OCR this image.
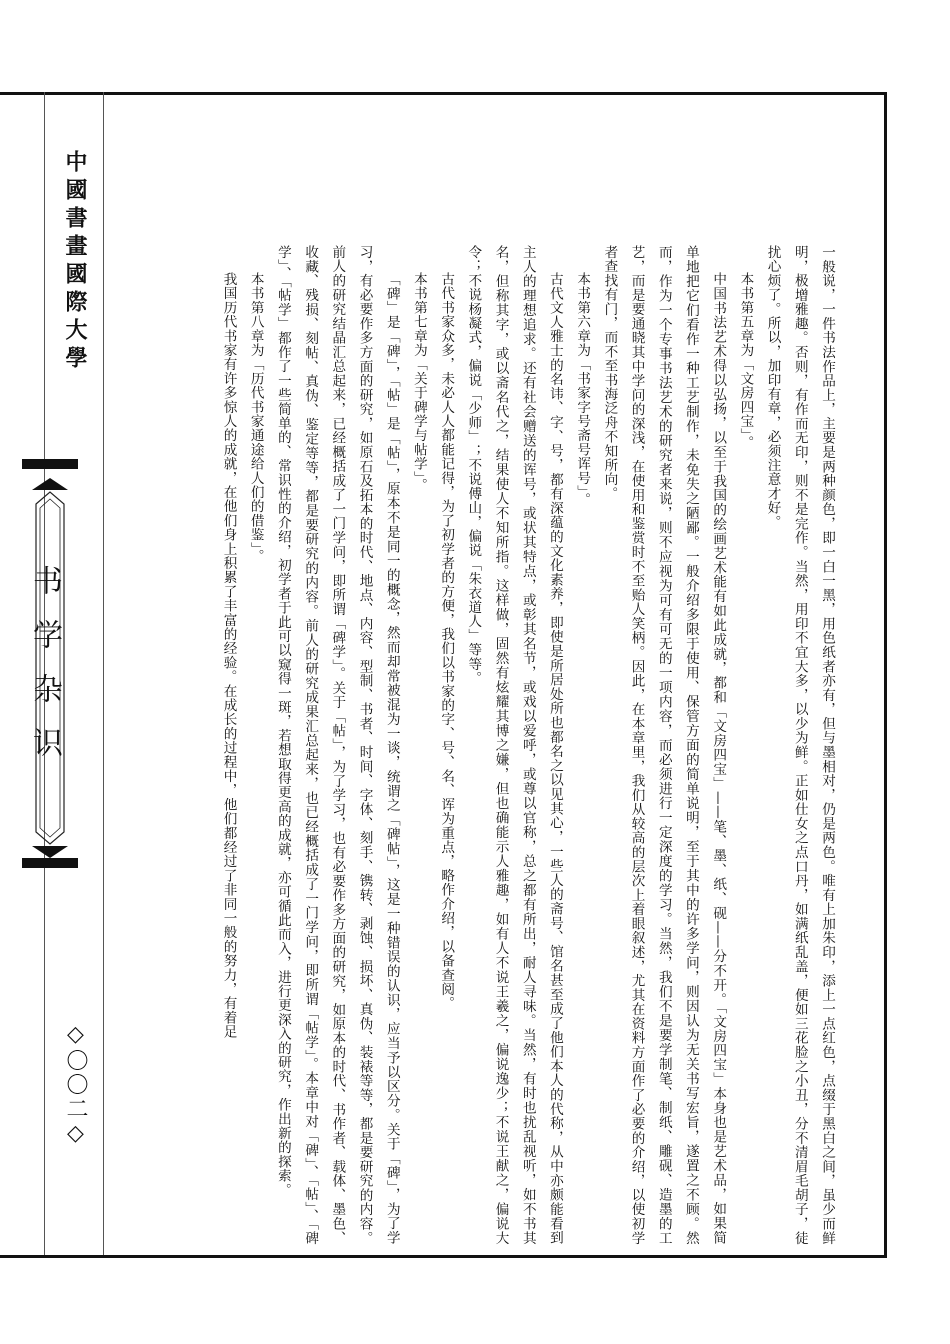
中國書畫國際大學
书学杂识
◇〇〇二◇	一般说，一件书法作品上，主要是两种颜色，即一白一黑，用色纸者亦有，但与墨相对，仍是两色。唯有上加朱印，添上一点红色，点缀于黑白之间，虽少而鲜明，极增雅趣。否则，有作而无印，则不是完作。当然，用印不宜大多，以少为鲜。正如仕女之点口丹，如满纸乱盖，便如三花脸之小丑，分不清眉毛胡子，徒扰心烦了。所以，加印有章，必须注意才好。

本书第五章为「文房四宝」。

中国书法艺术得以弘扬，以至于我国的绘画艺术能有如此成就，都和「文房四宝」——笔、墨、纸、砚——分不开。「文房四宝」本身也是艺术品，如果简单地把它们看作一种工艺制作，未免失之陋鄙。一般介绍多限于使用、保管方面的简单说明，至于其中的许多学问，则因认为无关书写宏旨，遂置之不顾。然而，作为一个专事书法艺术的研究者来说，则不应视为可有可无的一项内容，而必须进行一定深度的学习。当然，我们不是要学制笔、制纸、雕砚、造墨的工艺，而是要通晓其中学问的深浅，在使用和鉴赏时不至贻人笑柄。因此，在本章里，我们从较高的层次上着眼叙述，尤其在资料方面作了必要的介绍，以使初学者查找有门，而不至书海泛舟不知所向。

本书第六章为「书家字号斋号诨号」。

古代文人雅士的名讳、字、号，都有深蕴的文化素养，即使是所居处所也都名之以见其心，一些人的斋号、馆名甚至成了他们本人的代称，从中亦颇能看到主人的理想追求。还有社会赠送的诨号，或状其特点，或彰其名节，或戏以爱呼，或尊以官称，总之都有所出，耐人寻味。当然，有时也扰乱视听，如不书其名，但称其字，或以斋名代之，结果使人不知所指。这样做，固然有炫耀其博之嫌，但也确能示人雅趣，如有人不说王羲之，偏说逸少；不说王献之，偏说大令；不说杨凝式，偏说「少师」；不说傅山，偏说「朱衣道人」等等。

古代书家众多，未必人人都能记得，为了初学者的方便，我们以书家的字、号、名、诨为重点，略作介绍，以备查阅。

本书第七章为「关于碑学与帖学」。

「碑」是「碑」，「帖」是「帖」，原本不是同一的概念，然而却常被混为一谈，统谓之「碑帖」，这是一种错误的认识，应当予以区分。关于「碑」，为了学习，有必要作多方面的研究，如原石及拓本的时代、地点、内容、型制、书者、时间、字体、刻手、镌转、剥蚀、损坏、真伪、装裱等等，都是要研究的内容。前人的研究结晶汇总起来，已经概括成了一门学问，即所谓「碑学」。关于「帖」，为了学习，也有必要作多方面的研究，如原本的时代、书作者、载体、墨色、收藏、残损、刻帖、真伪、鉴定等等，都是要研究的内容。前人的研究成果汇总起来，也已经概括成了一门学问，即所谓「帖学」。本章中对「碑」、「帖」、「碑学」、「帖学」都作了一些简单的、常识性的介绍，初学者于此可以窥得一斑，若想取得更高的成就，亦可循此而入，进行更深入的研究，作出新的探索。

本书第八章为「历代书家通途给人们的借鉴」。

我国历代书家有许多惊人的成就，在他们身上积累了丰富的经验。在成长的过程中，他们都经过了非同一般的努力，有着足
